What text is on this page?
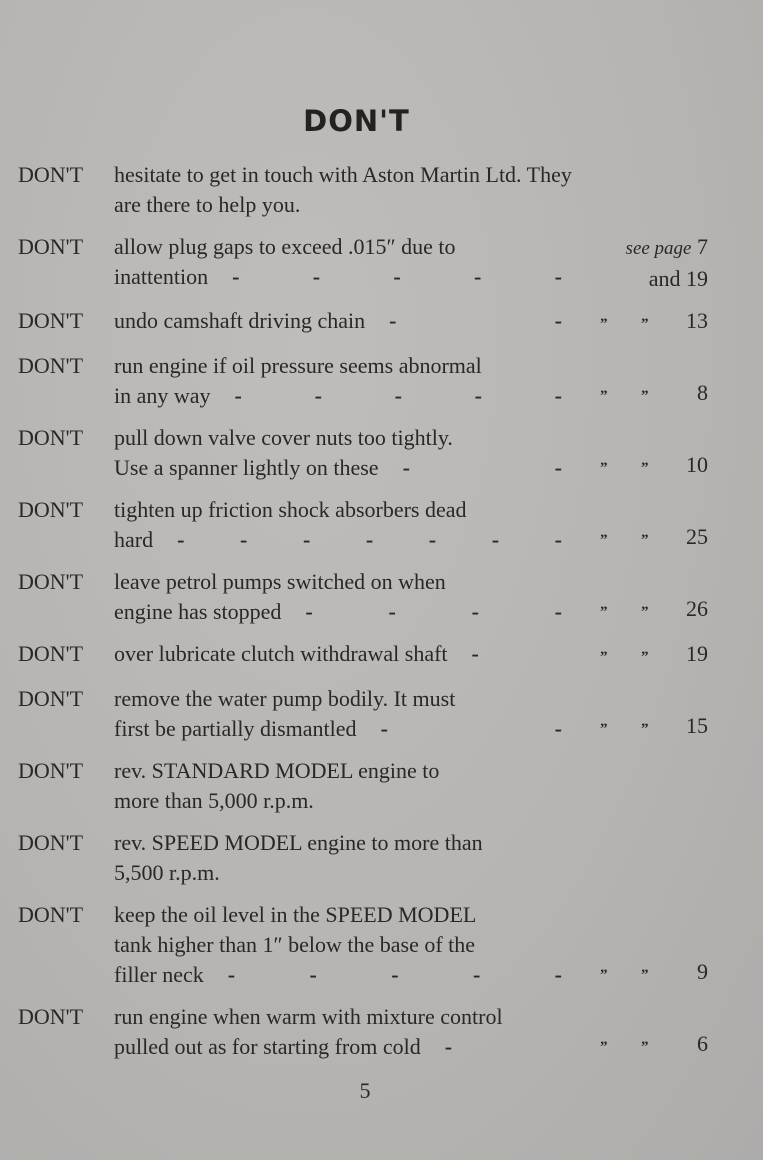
DON'T
DON'T	hesitate to get in touch with Aston Martin Ltd. They
are there to help you.
DON'T	allow plug gaps to exceed .015″ due to
inattention -	-	-	-	-
see page 7
and 19
DON'T	undo camshaft driving chain -	-	” ” 13
DON'T	run engine if oil pressure seems abnormal
in any way -	-	-	-	-	” ”	8
DON'T	pull down valve cover nuts too tightly.
Use a spanner lightly on these -	-	” ” 10
DON'T	tighten up friction shock absorbers dead
hard -	-	-	-	-	-	-	” ” 25
DON'T	leave petrol pumps switched on when
engine has stopped -	-	-	-	” ” 26
DON'T	over lubricate clutch withdrawal shaft -	” ” 19
DON'T	remove the water pump bodily. It must
first be partially dismantled -	-	” ” 15
DON'T	rev. STANDARD MODEL engine to
more than 5,000 r.p.m.
DON'T	rev. SPEED MODEL engine to more than
5,500 r.p.m.
DON'T	keep the oil level in the SPEED MODEL
tank higher than 1″ below the base of the
filler neck -	-	-	-	-	” ”	9
DON'T	run engine when warm with mixture control
pulled out as for starting from cold -	” ”	6
5
